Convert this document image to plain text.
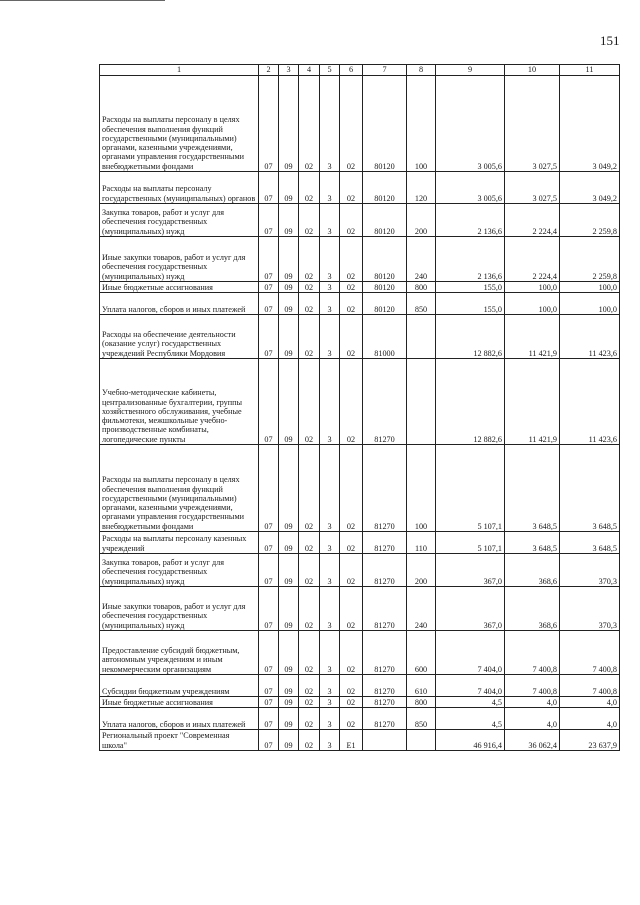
151
1	2	3	4	5	6	7	8	9	10	11
Расходы на выплаты персоналу в целях обеспечения выполнения функций государственными (муниципальными) органами, казенными учреждениями, органами управления государственными внебюджетными фондами	07	09	02	3	02	80120	100	3 005,6	3 027,5	3 049,2
Расходы на выплаты персоналу государственных (муниципальных) органов	07	09	02	3	02	80120	120	3 005,6	3 027,5	3 049,2
Закупка товаров, работ и услуг для обеспечения государственных (муниципальных) нужд	07	09	02	3	02	80120	200	2 136,6	2 224,4	2 259,8
Иные закупки товаров, работ и услуг для обеспечения государственных (муниципальных) нужд	07	09	02	3	02	80120	240	2 136,6	2 224,4	2 259,8
Иные бюджетные ассигнования	07	09	02	3	02	80120	800	155,0	100,0	100,0
Уплата налогов, сборов и иных платежей	07	09	02	3	02	80120	850	155,0	100,0	100,0
Расходы на обеспечение деятельности (оказание услуг) государственных учреждений Республики Мордовия	07	09	02	3	02	81000		12 882,6	11 421,9	11 423,6
Учебно-методические кабинеты, централизованные бухгалтерии, группы хозяйственного обслуживания, учебные фильмотеки, межшкольные учебно-производственные комбинаты, логопедические пункты	07	09	02	3	02	81270		12 882,6	11 421,9	11 423,6
Расходы на выплаты персоналу в целях обеспечения выполнения функций государственными (муниципальными) органами, казенными учреждениями, органами управления государственными внебюджетными фондами	07	09	02	3	02	81270	100	5 107,1	3 648,5	3 648,5
Расходы на выплаты персоналу казенных учреждений	07	09	02	3	02	81270	110	5 107,1	3 648,5	3 648,5
Закупка товаров, работ и услуг для обеспечения государственных (муниципальных) нужд	07	09	02	3	02	81270	200	367,0	368,6	370,3
Иные закупки товаров, работ и услуг для обеспечения государственных (муниципальных) нужд	07	09	02	3	02	81270	240	367,0	368,6	370,3
Предоставление субсидий бюджетным, автономным учреждениям и иным некоммерческим организациям	07	09	02	3	02	81270	600	7 404,0	7 400,8	7 400,8
Субсидии бюджетным учреждениям	07	09	02	3	02	81270	610	7 404,0	7 400,8	7 400,8
Иные бюджетные ассигнования	07	09	02	3	02	81270	800	4,5	4,0	4,0
Уплата налогов, сборов и иных платежей	07	09	02	3	02	81270	850	4,5	4,0	4,0
Региональный проект "Современная школа"	07	09	02	3	E1			46 916,4	36 062,4	23 637,9
